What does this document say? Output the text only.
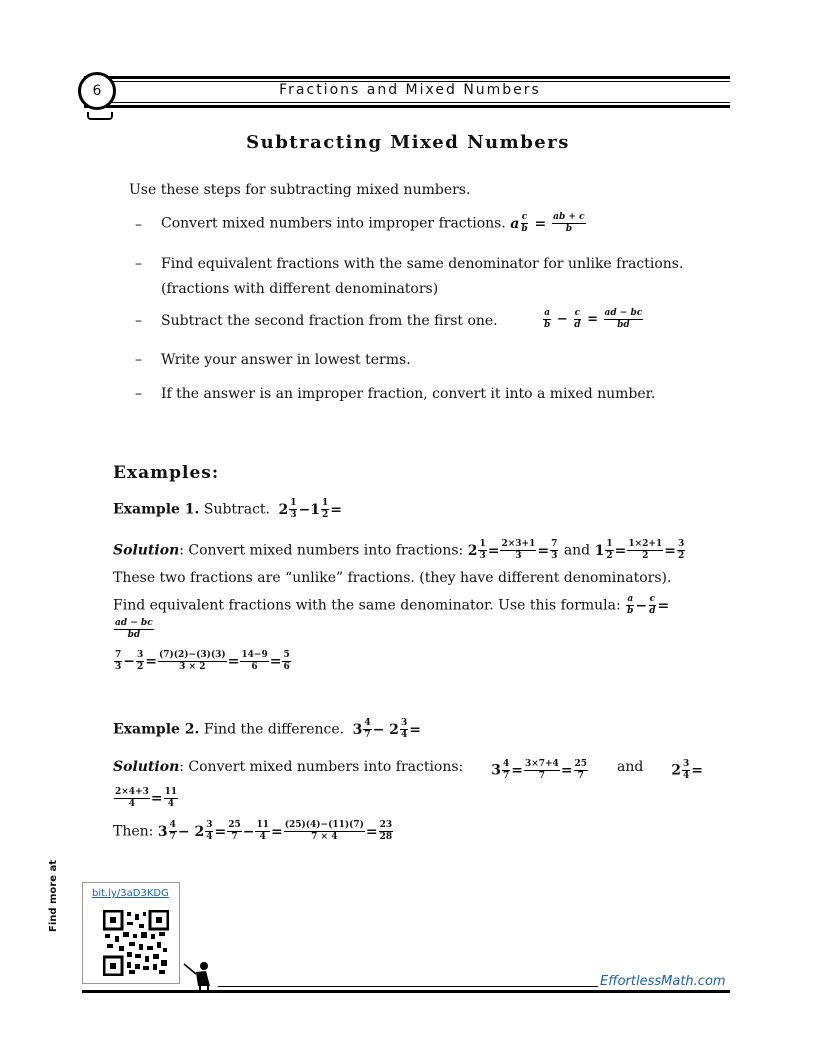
6	Fractions and Mixed Numbers
Subtracting Mixed Numbers
Use these steps for subtracting mixed numbers.
– Convert mixed numbers into improper fractions. a $\frac{c}{b} = \frac{ab + c}{b}$
– Find equivalent fractions with the same denominator for unlike fractions.
(fractions with different denominators)
– Subtract the second fraction from the first one.	$\frac{a}{b} - \frac{c}{d} = \frac{ad - bc}{bd}$
– Write your answer in lowest terms.
– If the answer is an improper fraction, convert it into a mixed number.
Examples:
Example 1. Subtract. $2 \frac{1}{3} -1 \frac{1}{2}$ =
Solution: Convert mixed numbers into fractions: $2 \frac{1}{3} = \frac{2\times 3+1}{3} = \frac{7}{3}$ and $1 \frac{1}{2} = \frac{1\times 2+1}{2} = \frac{3}{2}$
These two fractions are “unlike” fractions. (they have different denominators).
Find equivalent fractions with the same denominator. Use this formula: $\frac{a}{b} - \frac{c}{d}$ =
$\frac{ad - bc}{bd}$
$\frac{7}{3} - \frac{3}{2} = \frac{(7)(2)-(3)(3)}{3 \times 2} = \frac{14-9}{6} = \frac{5}{6}$
Example 2. Find the difference. $3 \frac{4}{7} - 2 \frac{3}{4}$ =
Solution: Convert mixed numbers into fractions: $3 \frac{4}{7} = \frac{3\times 7+4}{7} = \frac{25}{7}$ and $2 \frac{3}{4}$ =
$\frac{2\times 4+3}{4} = \frac{11}{4}$
Then: $3 \frac{4}{7} - 2 \frac{3}{4} = \frac{25}{7} - \frac{11}{4} = \frac{(25)(4)-(11)(7)}{7 \times 4} = \frac{23}{28}$
bit.ly/3aD3KDG
Find more at
EffortlessMath.com
